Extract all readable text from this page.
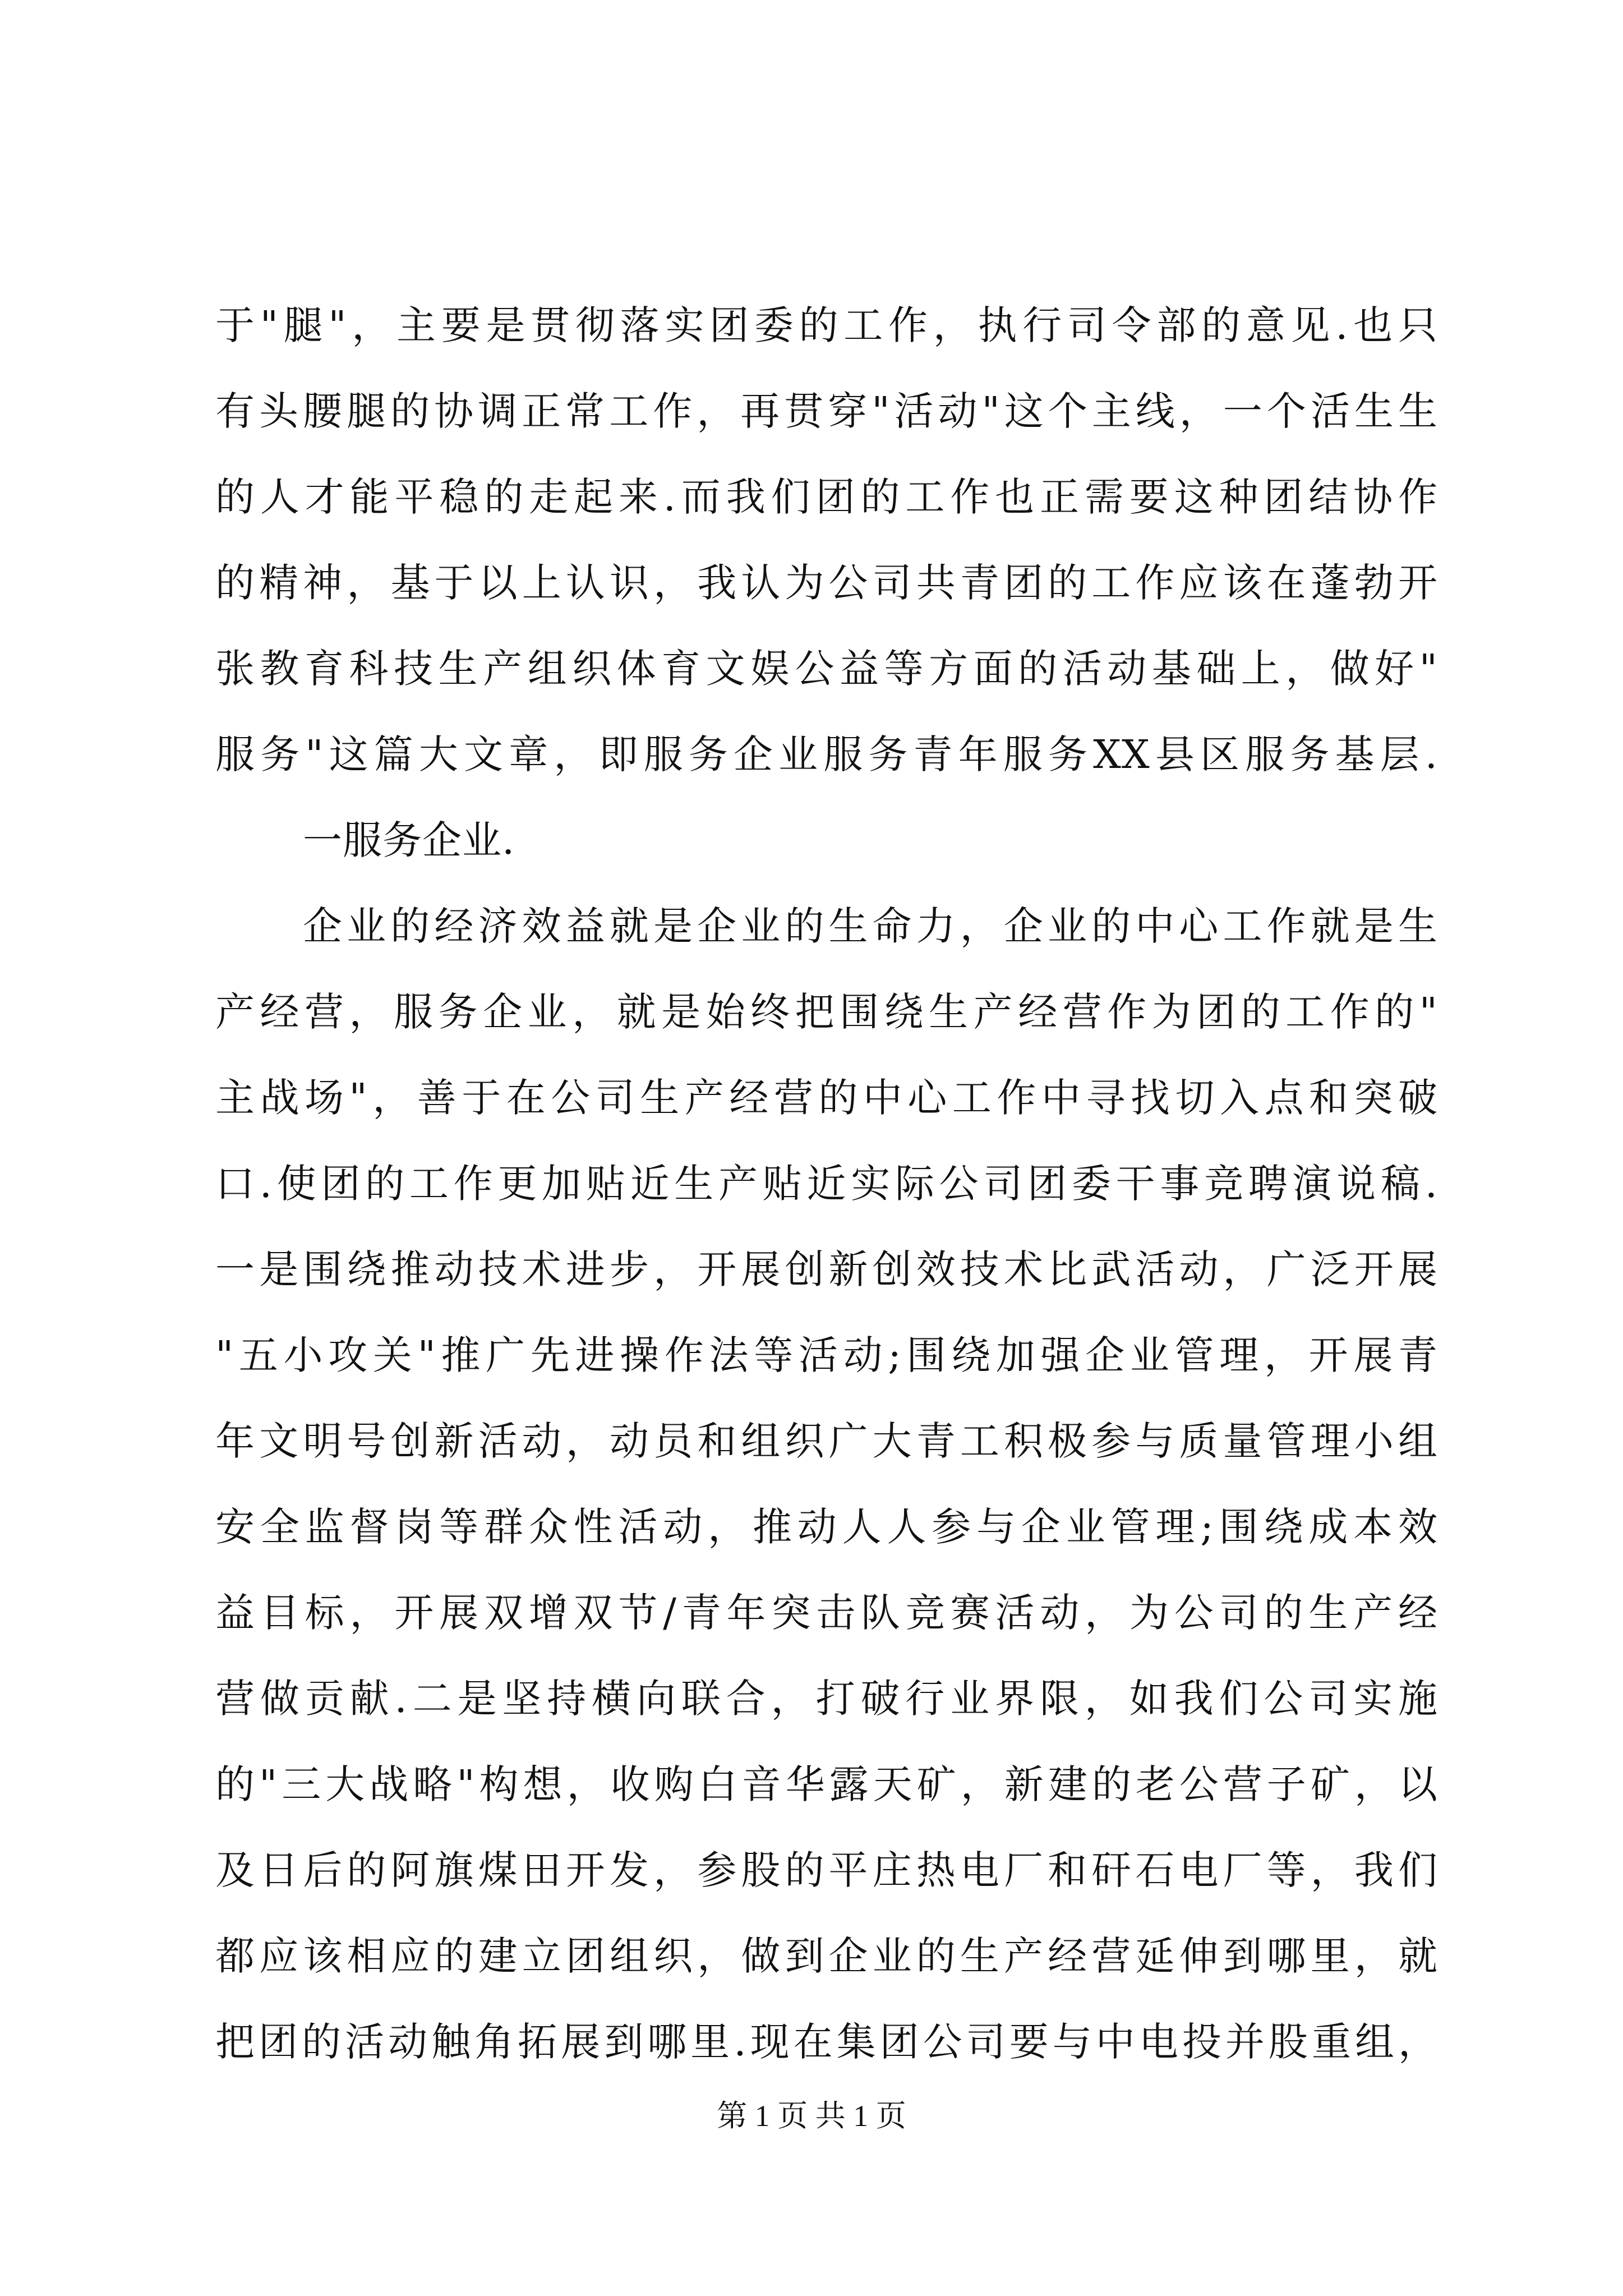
于"腿"，主要是贯彻落实团委的工作，执行司令部的意见.也只
有头腰腿的协调正常工作，再贯穿"活动"这个主线，一个活生生
的人才能平稳的走起来.而我们团的工作也正需要这种团结协作
的精神，基于以上认识，我认为公司共青团的工作应该在蓬勃开
张教育科技生产组织体育文娱公益等方面的活动基础上，做好"
服务"这篇大文章，即服务企业服务青年服务XX县区服务基层.
一服务企业.
企业的经济效益就是企业的生命力，企业的中心工作就是生
产经营，服务企业，就是始终把围绕生产经营作为团的工作的"
主战场"，善于在公司生产经营的中心工作中寻找切入点和突破
口.使团的工作更加贴近生产贴近实际公司团委干事竞聘演说稿.
一是围绕推动技术进步，开展创新创效技术比武活动，广泛开展
"五小攻关"推广先进操作法等活动;围绕加强企业管理，开展青
年文明号创新活动，动员和组织广大青工积极参与质量管理小组
安全监督岗等群众性活动，推动人人参与企业管理;围绕成本效
益目标，开展双增双节/青年突击队竞赛活动，为公司的生产经
营做贡献.二是坚持横向联合，打破行业界限，如我们公司实施
的"三大战略"构想，收购白音华露天矿，新建的老公营子矿，以
及日后的阿旗煤田开发，参股的平庄热电厂和矸石电厂等，我们
都应该相应的建立团组织，做到企业的生产经营延伸到哪里，就
把团的活动触角拓展到哪里.现在集团公司要与中电投并股重组，
第 1 页 共 1 页
